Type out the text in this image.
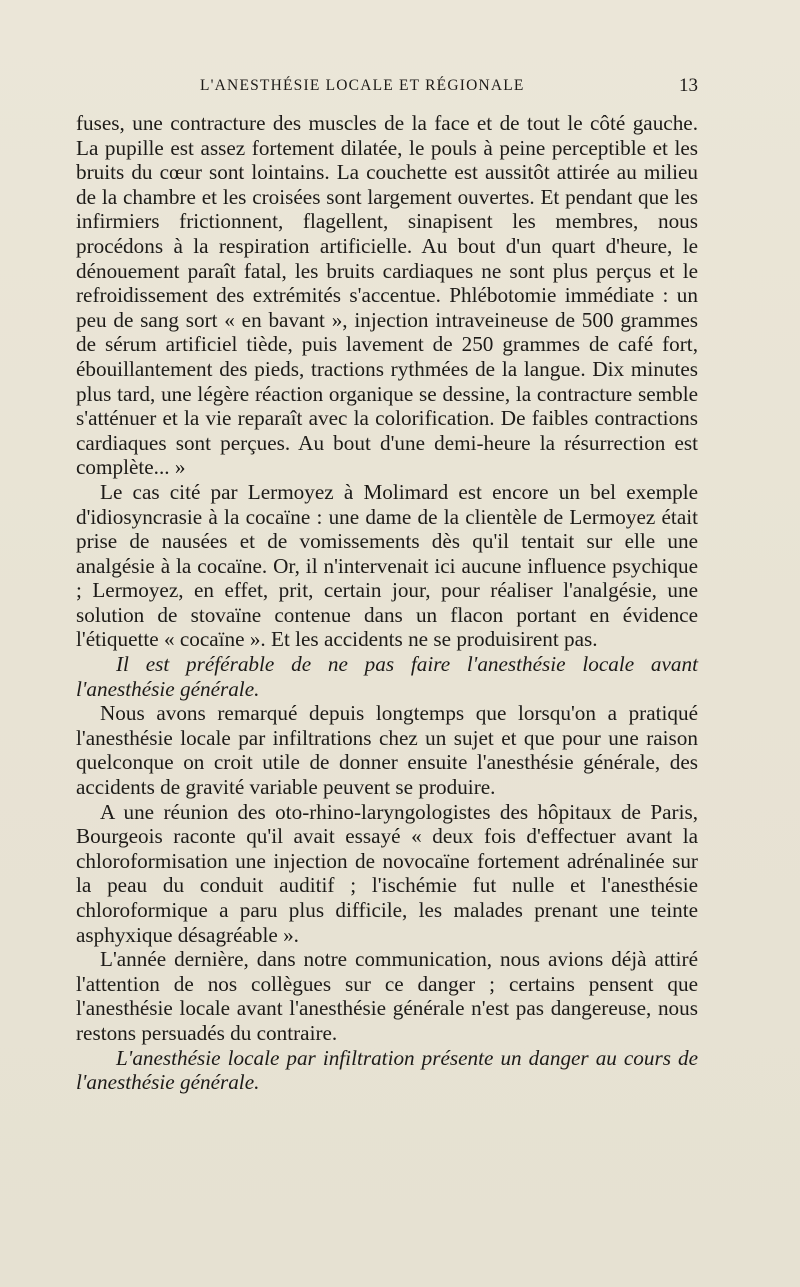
L'ANESTHÉSIE LOCALE ET RÉGIONALE	13

fuses, une contracture des muscles de la face et de tout le côté gauche. La pupille est assez fortement dilatée, le pouls à peine perceptible et les bruits du cœur sont lointains. La couchette est aussitôt attirée au milieu de la chambre et les croisées sont largement ouvertes. Et pendant que les infirmiers frictionnent, flagellent, sinapisent les membres, nous procédons à la respiration artificielle. Au bout d'un quart d'heure, le dénouement paraît fatal, les bruits cardiaques ne sont plus perçus et le refroidissement des extrémités s'accentue. Phlébotomie immédiate : un peu de sang sort « en bavant », injection intraveineuse de 500 grammes de sérum artificiel tiède, puis lavement de 250 grammes de café fort, ébouillantement des pieds, tractions rythmées de la langue. Dix minutes plus tard, une légère réaction organique se dessine, la contracture semble s'atténuer et la vie reparaît avec la colorification. De faibles contractions cardiaques sont perçues. Au bout d'une demi-heure la résurrection est complète... »

Le cas cité par Lermoyez à Molimard est encore un bel exemple d'idiosyncrasie à la cocaïne : une dame de la clientèle de Lermoyez était prise de nausées et de vomissements dès qu'il tentait sur elle une analgésie à la cocaïne. Or, il n'intervenait ici aucune influence psychique ; Lermoyez, en effet, prit, certain jour, pour réaliser l'analgésie, une solution de stovaïne contenue dans un flacon portant en évidence l'étiquette « cocaïne ». Et les accidents ne se produisirent pas.

Il est préférable de ne pas faire l'anesthésie locale avant l'anesthésie générale.

Nous avons remarqué depuis longtemps que lorsqu'on a pratiqué l'anesthésie locale par infiltrations chez un sujet et que pour une raison quelconque on croit utile de donner ensuite l'anesthésie générale, des accidents de gravité variable peuvent se produire.

A une réunion des oto-rhino-laryngologistes des hôpitaux de Paris, Bourgeois raconte qu'il avait essayé « deux fois d'effectuer avant la chloroformisation une injection de novocaïne fortement adrénalinée sur la peau du conduit auditif ; l'ischémie fut nulle et l'anesthésie chloroformique a paru plus difficile, les malades prenant une teinte asphyxique désagréable ».

L'année dernière, dans notre communication, nous avions déjà attiré l'attention de nos collègues sur ce danger ; certains pensent que l'anesthésie locale avant l'anesthésie générale n'est pas dangereuse, nous restons persuadés du contraire.

L'anesthésie locale par infiltration présente un danger au cours de l'anesthésie générale.
